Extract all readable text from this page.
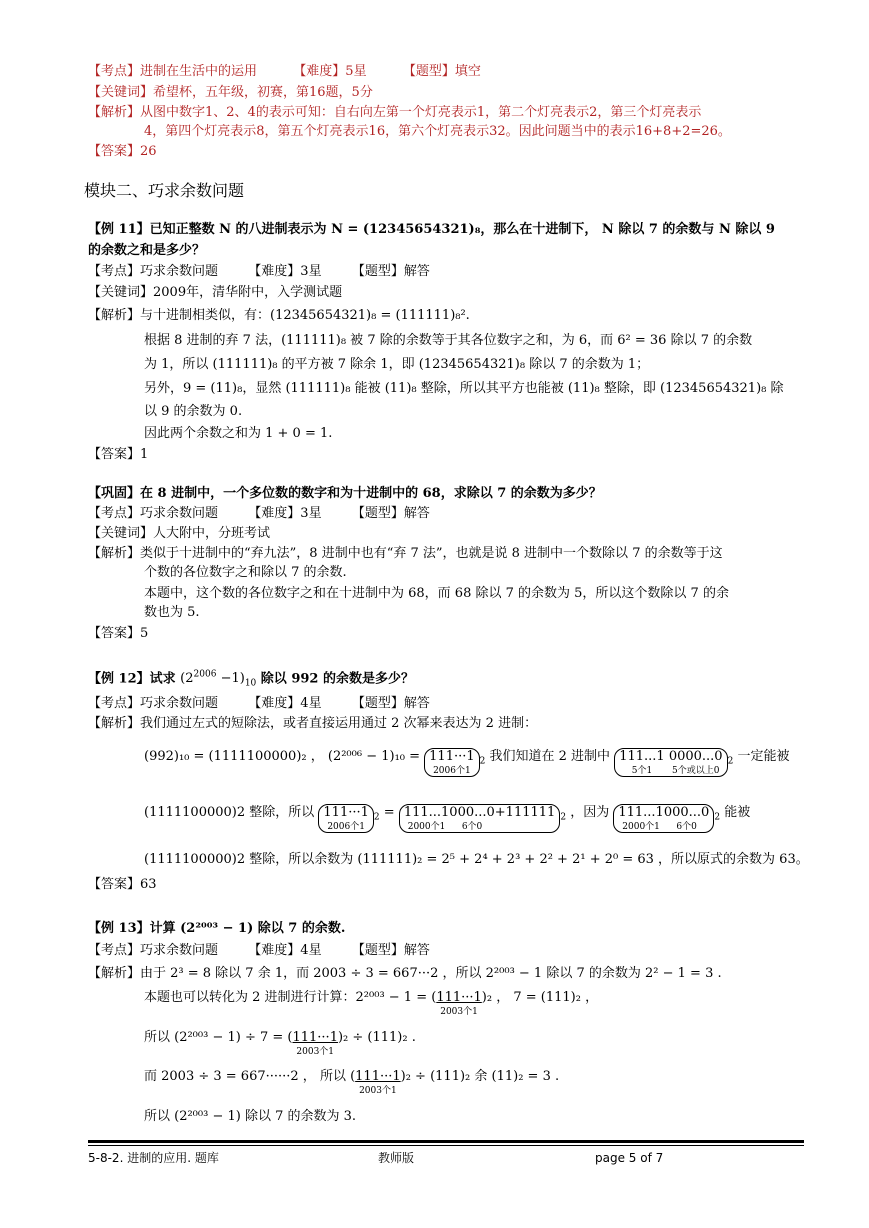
【考点】进制在生活中的运用	【难度】5星	【题型】填空
【关键词】希望杯，五年级，初赛，第16题，5分
【解析】从图中数字1、2、4的表示可知：自右向左第一个灯亮表示1，第二个灯亮表示2，第三个灯亮表示
4，第四个灯亮表示8，第五个灯亮表示16，第六个灯亮表示32。因此问题当中的表示16+8+2=26。
【答案】26
模块二、巧求余数问题
【例 11】已知正整数 N 的八进制表示为 N = (12345654321)₈，那么在十进制下， N 除以 7 的余数与 N 除以 9
的余数之和是多少？
【考点】巧求余数问题 【难度】3星 【题型】解答
【关键词】2009年，清华附中，入学测试题
【解析】与十进制相类似，有：(12345654321)₈ = (111111)₈².
根据 8 进制的弃 7 法，(111111)₈ 被 7 除的余数等于其各位数字之和，为 6，而 6² = 36 除以 7 的余数
为 1，所以 (111111)₈ 的平方被 7 除余 1，即 (12345654321)₈ 除以 7 的余数为 1；
另外，9 = (11)₈，显然 (111111)₈ 能被 (11)₈ 整除，所以其平方也能被 (11)₈ 整除，即 (12345654321)₈ 除
以 9 的余数为 0.
因此两个余数之和为 1 + 0 = 1.
【答案】1
【巩固】在 8 进制中，一个多位数的数字和为十进制中的 68，求除以 7 的余数为多少？
【考点】巧求余数问题 【难度】3星 【题型】解答
【关键词】人大附中，分班考试
【解析】类似于十进制中的“弃九法”，8 进制中也有“弃 7 法”，也就是说 8 进制中一个数除以 7 的余数等于这
个数的各位数字之和除以 7 的余数.
本题中，这个数的各位数字之和在十进制中为 68，而 68 除以 7 的余数为 5，所以这个数除以 7 的余
数也为 5.
【答案】5
【例 12】试求 $(2^{2006} -1)_{10}$ 除以 992 的余数是多少？
【考点】巧求余数问题 【难度】4星 【题型】解答
【解析】我们通过左式的短除法，或者直接运用通过 2 次幂来表达为 2 进制：
(992)₁₀ = (1111100000)₂ ， (2²⁰⁰⁶ − 1)₁₀ = 111···1
2006个1
$_2$ 我们知道在 2 进制中 111...1
5个1

0000...0
5个或以上0
$_2$ 一定能被
(1111100000)2 整除，所以 111···1
2006个1
$_2$ = 111...1
2000个1
000...0
6个0
+111111 $_2$ ，因为 111...1
2000个1
000...0
6个0
$_2$ 能被
(1111100000)2 整除，所以余数为 (111111)₂ = 2⁵ + 2⁴ + 2³ + 2² + 2¹ + 2⁰ = 63 ，所以原式的余数为 63。
【答案】63
【例 13】计算 (2²⁰⁰³ − 1) 除以 7 的余数.
【考点】巧求余数问题 【难度】4星 【题型】解答
【解析】由于 2³ = 8 除以 7 余 1，而 2003 ÷ 3 = 667···2 ，所以 2²⁰⁰³ − 1 除以 7 的余数为 2² − 1 = 3 .
本题也可以转化为 2 进制进行计算：2²⁰⁰³ − 1 = ( 111···1
2003个1
)₂ ， 7 = (111)₂ ，
所以 (2²⁰⁰³ − 1) ÷ 7 = ( 111···1
2003个1
)₂ ÷ (111)₂ .
而 2003 ÷ 3 = 667······2 ， 所以 ( 111···1
2003个1
)₂ ÷ (111)₂ 余 (11)₂ = 3 .
所以 (2²⁰⁰³ − 1) 除以 7 的余数为 3.
5-8-2. 进制的应用. 题库	教师版	page 5 of 7
